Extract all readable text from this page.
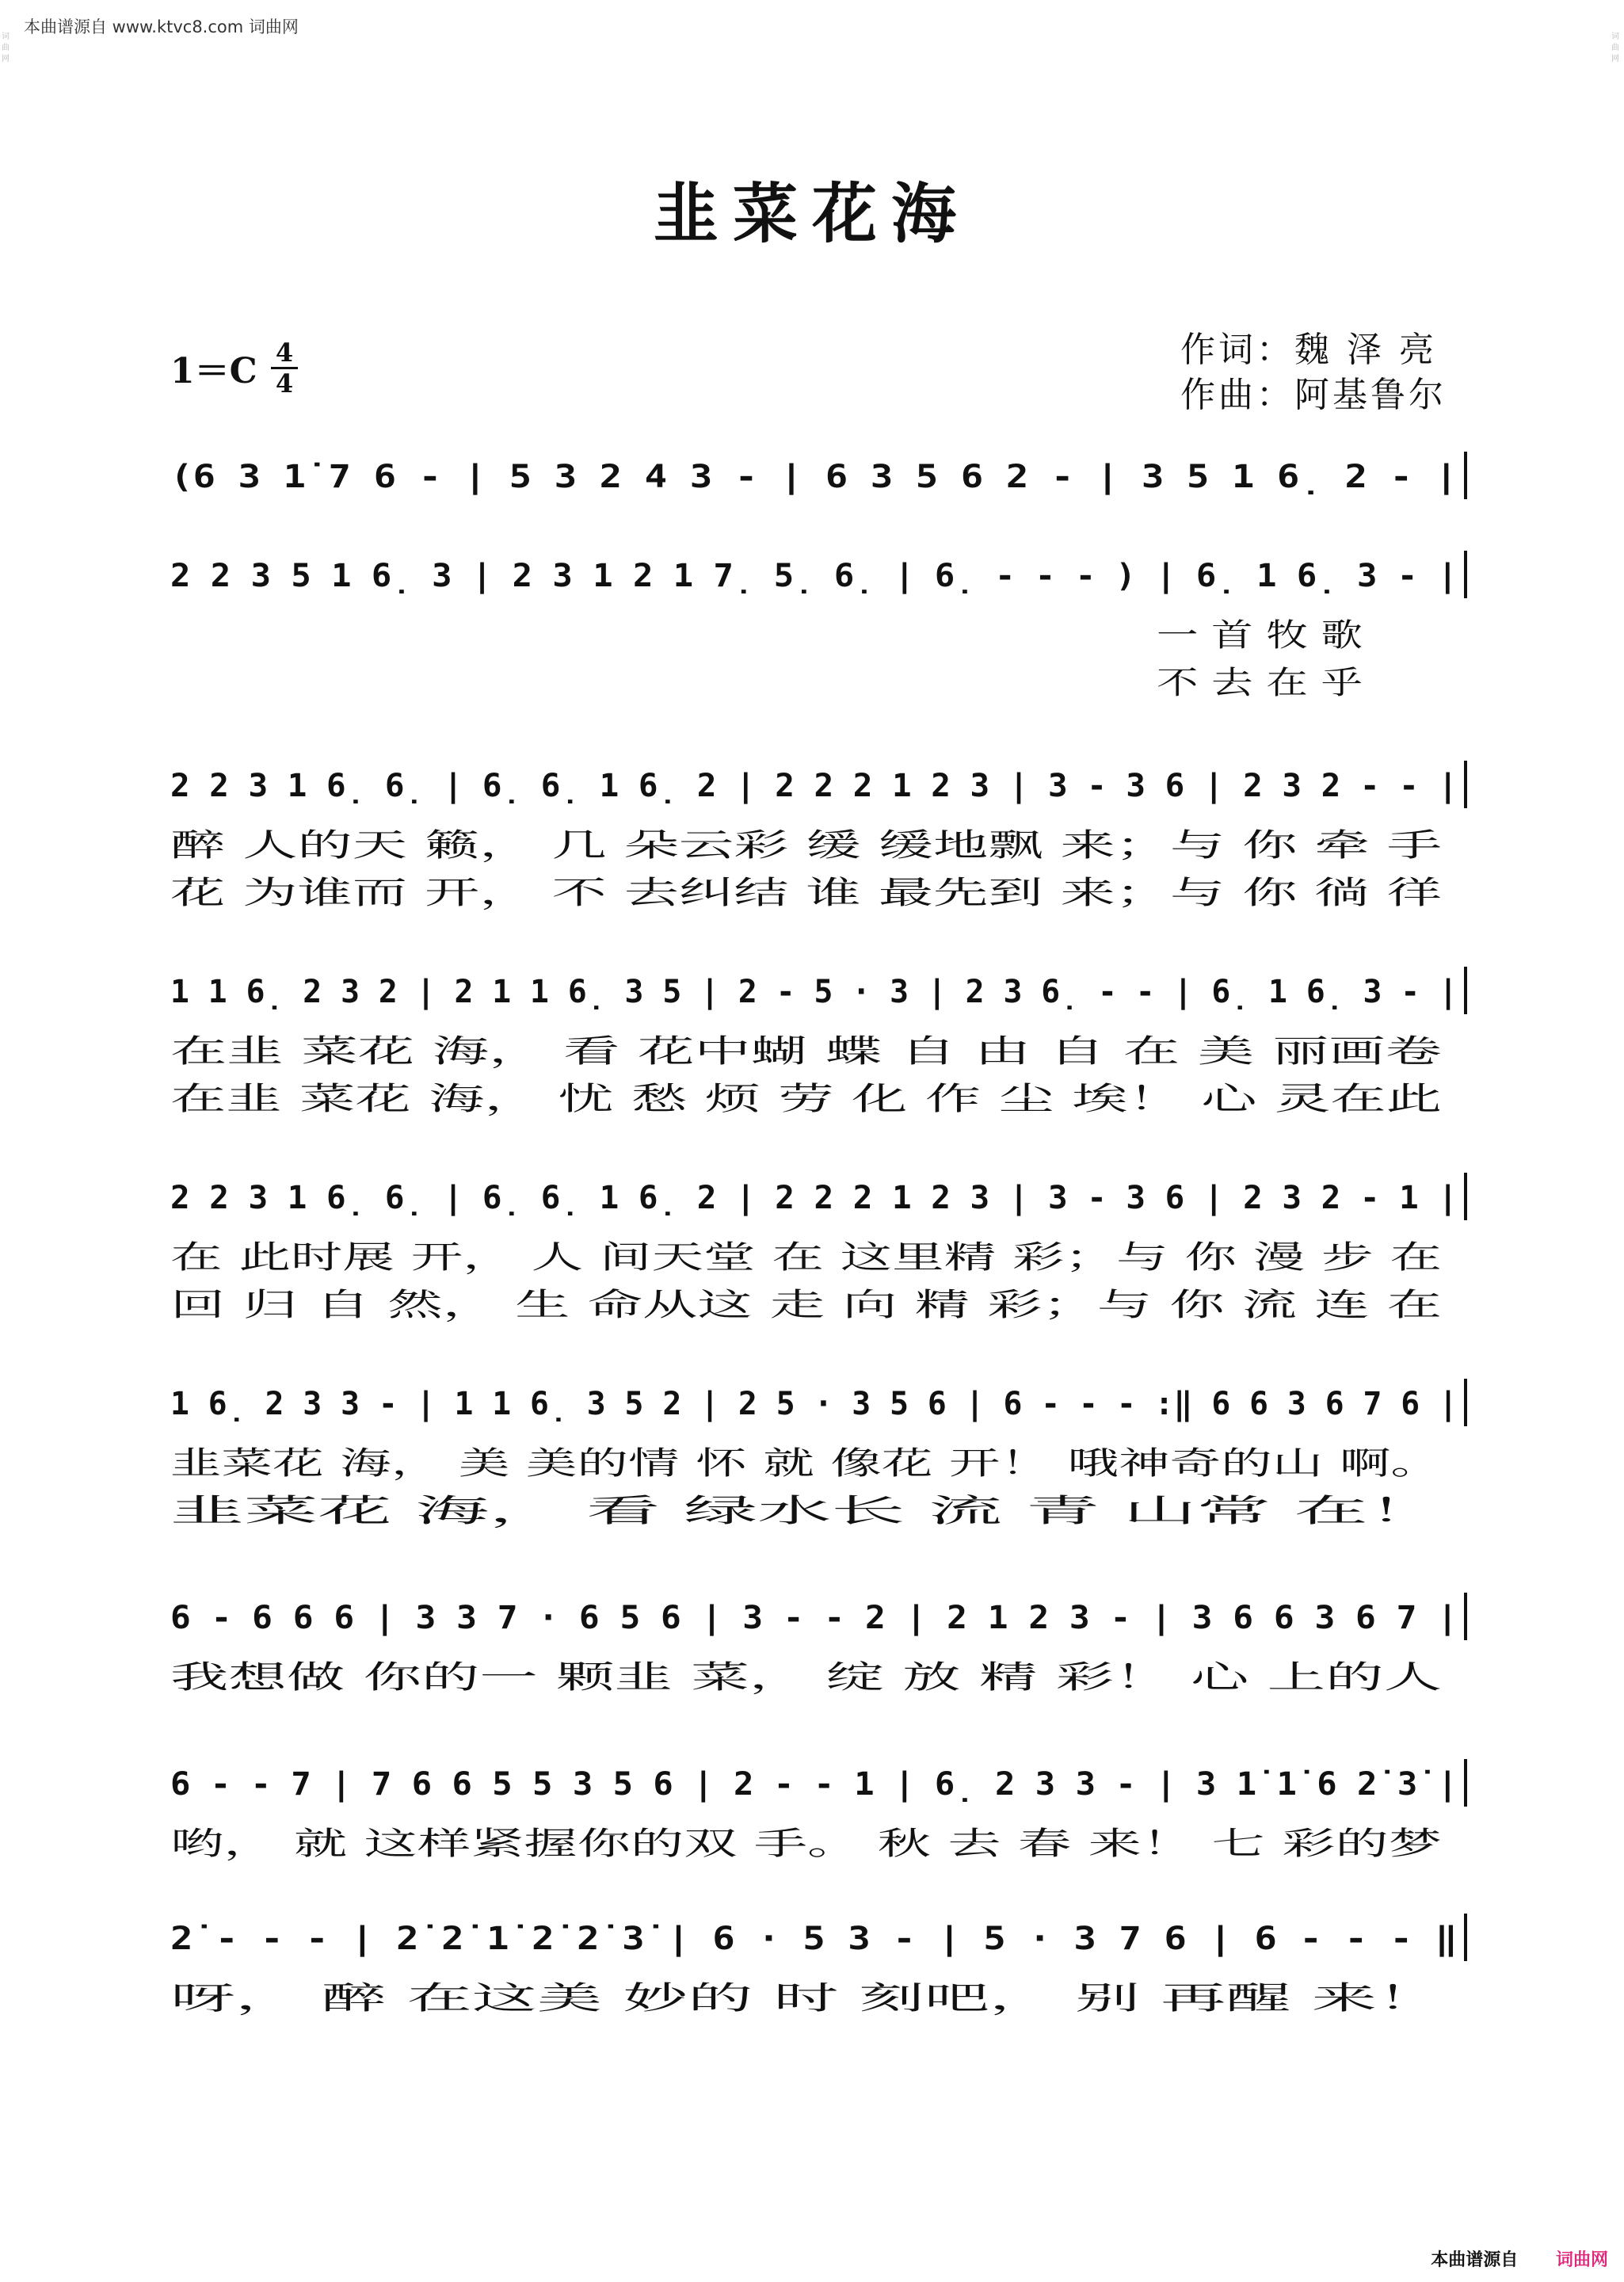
本曲谱源自 www.ktvc8.com 词曲网
词曲网
词曲网
韭菜花海
1＝C 4
4
作词：魏 泽 亮
作曲：阿基鲁尔
(6 3 1̇ 7 6 - | 5 3 2 4 3 - | 6 3 5 6 2 - | 3 5 1 6̣ 2 - |
2 2 3 5 1 6̣ 3 | 2 3 1 2 1 7̣ 5̣ 6̣ | 6̣ - - - ) | 6̣ 1 6̣ 3 - |
一 首 牧 歌
不 去 在 乎
2 2 3 1 6̣ 6̣ | 6̣ 6̣ 1 6̣ 2 | 2 2 2 1 2 3 | 3 - 3 6 | 2 3 2 - - |
醉 人的天 籁， 几 朵云彩 缓 缓地飘 来；与 你 牵 手
花 为谁而 开， 不 去纠结 谁 最先到 来；与 你 徜 徉
1 1 6̣ 2 3 2 | 2 1 1 6̣ 3 5 | 2 - 5 · 3 | 2 3 6̣ - - | 6̣ 1 6̣ 3 - |
在韭 菜花 海， 看 花中蝴 蝶 自 由 自 在 美 丽画卷
在韭 菜花 海， 忧 愁 烦 劳 化 作 尘 埃！ 心 灵在此
2 2 3 1 6̣ 6̣ | 6̣ 6̣ 1 6̣ 2 | 2 2 2 1 2 3 | 3 - 3 6 | 2 3 2 - 1 |
在 此时展 开， 人 间天堂 在 这里精 彩；与 你 漫 步 在
回 归 自 然， 生 命从这 走 向 精 彩；与 你 流 连 在
1 6̣ 2 3 3 - | 1 1 6̣ 3 5 2 | 2 5 · 3 5 6 | 6 - - - :‖ 6 6 3 6 7 6 |
韭菜花 海， 美 美的情 怀 就 像花 开！ 哦神奇的山 啊。
韭菜花 海， 看 绿水长 流 青 山常 在！
6 - 6 6 6 | 3 3 7 · 6 5 6 | 3 - - 2 | 2 1 2 3 - | 3 6 6 3 6 7 |
我想做 你的一 颗韭 菜， 绽 放 精 彩！ 心 上的人
6 - - 7 | 7 6 6 5 5 3 5 6 | 2 - - 1 | 6̣ 2 3 3 - | 3 1̇ 1̇ 6 2̇ 3̇ |
哟， 就 这样紧握你的双 手。 秋 去 春 来！ 七 彩的梦
2̇ - - - | 2̇ 2̇ 1̇ 2̇ 2̇ 3̇ | 6 · 5 3 - | 5 · 3 7 6 | 6 - - - ‖
呀， 醉 在这美 妙的 时 刻吧， 别 再醒 来！
本曲谱源自 词曲网
